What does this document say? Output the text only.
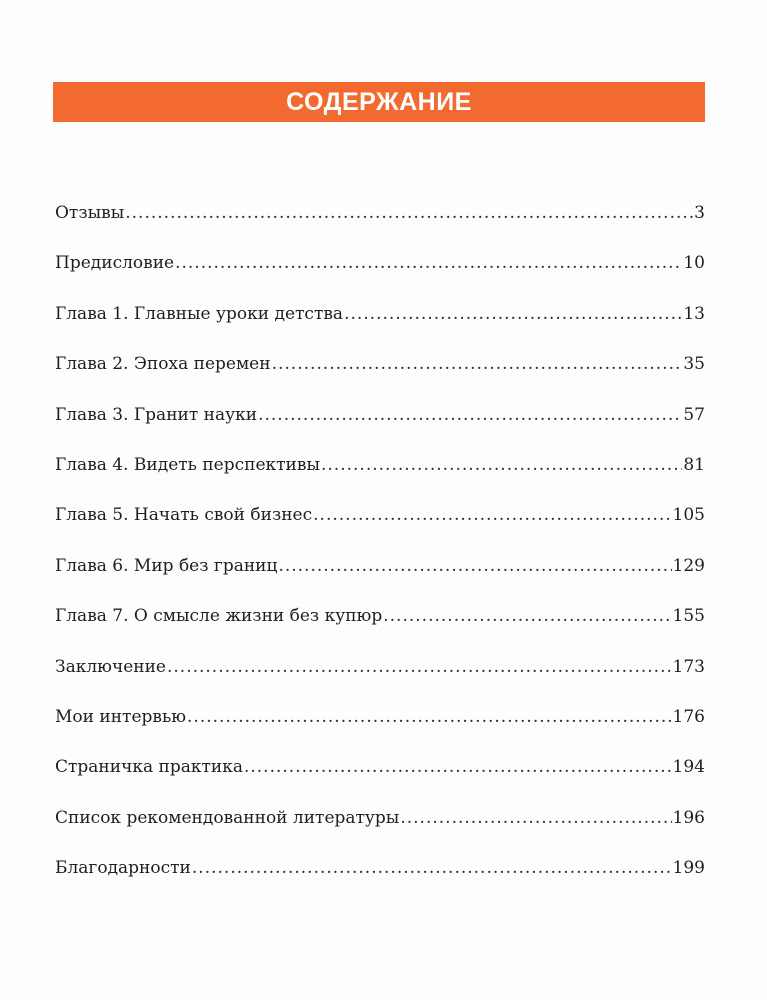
СОДЕРЖАНИЕ
Отзывы .....	3
Предисловие .....	10
Глава 1. Главные уроки детства .....	13
Глава 2. Эпоха перемен .....	35
Глава 3. Гранит науки .....	57
Глава 4. Видеть перспективы .....	81
Глава 5. Начать свой бизнес .....	105
Глава 6. Мир без границ .....	129
Глава 7. О смысле жизни без купюр .....	155
Заключение .....	173
Мои интервью .....	176
Страничка практика .....	194
Список рекомендованной литературы .....	196
Благодарности .....	199
